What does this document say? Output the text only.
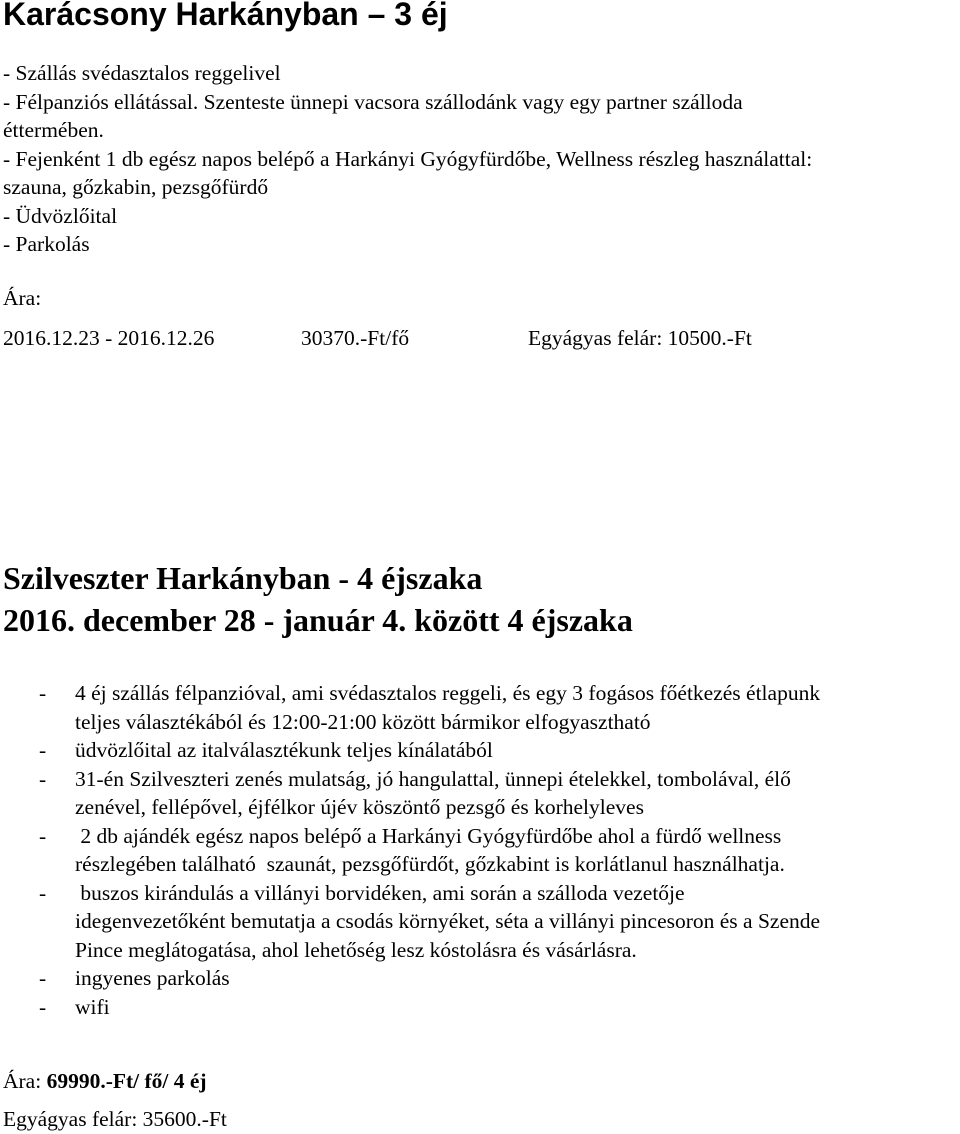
Karácsony Harkányban – 3 éj
- Szállás svédasztalos reggelivel
- Félpanziós ellátással. Szenteste ünnepi vacsora szállodánk vagy egy partner szálloda
éttermében.
- Fejenként 1 db egész napos belépő a Harkányi Gyógyfürdőbe, Wellness részleg használattal:
szauna, gőzkabin, pezsgőfürdő
- Üdvözlőital
- Parkolás
Ára:
2016.12.23 - 2016.12.26	30370.-Ft/fő	Egyágyas felár: 10500.-Ft
Szilveszter Harkányban - 4 éjszaka
2016. december 28 - január 4. között 4 éjszaka
- 4 éj szállás félpanzióval, ami svédasztalos reggeli, és egy 3 fogásos főétkezés étlapunk
teljes választékából és 12:00-21:00 között bármikor elfogyasztható
- üdvözlőital az italválasztékunk teljes kínálatából
- 31-én Szilveszteri zenés mulatság, jó hangulattal, ünnepi ételekkel, tombolával, élő
zenével, fellépővel, éjfélkor újév köszöntő pezsgő és korhelyleves
- 2 db ajándék egész napos belépő a Harkányi Gyógyfürdőbe ahol a fürdő wellness
részlegében található  szaunát, pezsgőfürdőt, gőzkabint is korlátlanul használhatja.
- buszos kirándulás a villányi borvidéken, ami során a szálloda vezetője
idegenvezetőként bemutatja a csodás környéket, séta a villányi pincesoron és a Szende
Pince meglátogatása, ahol lehetőség lesz kóstolásra és vásárlásra.
- ingyenes parkolás
- wifi
Ára: 69990.-Ft/ fő/ 4 éj
Egyágyas felár: 35600.-Ft
